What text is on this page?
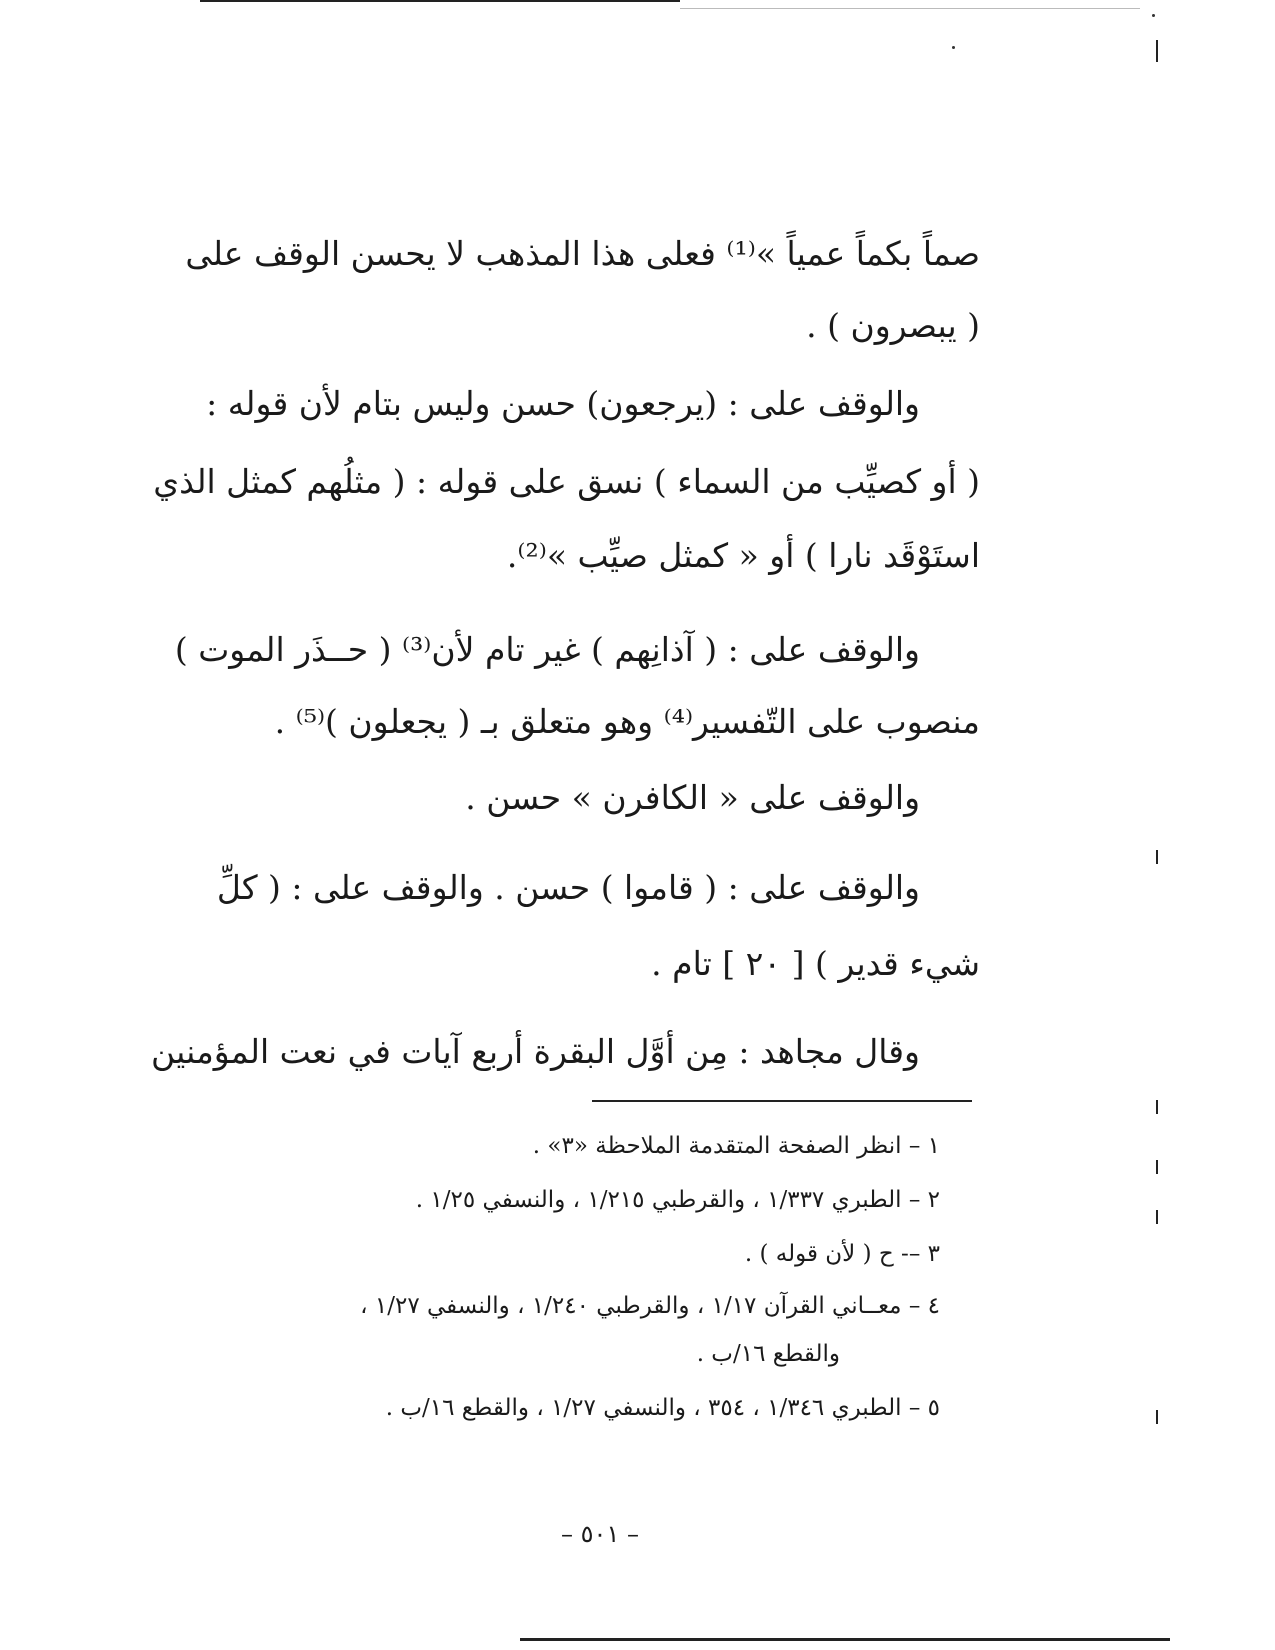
صماً بكماً عمياً »⁽¹⁾ فعلى هذا المذهب لا يحسن الوقف على
( يبصرون ) .
والوقف على : (يرجعون) حسن وليس بتام لأن قوله :
( أو كصيِّب من السماء ) نسق على قوله : ( مثلُهم كمثل الذي
استَوْقَد نارا ) أو « كمثل صيِّب »⁽²⁾.
والوقف على : ( آذانِهم ) غير تام لأن⁽³⁾ ( حــذَر الموت )
منصوب على التّفسير⁽⁴⁾ وهو متعلق بـ ( يجعلون )⁽⁵⁾ .
والوقف على « الكافرن » حسن .
والوقف على : ( قاموا ) حسن . والوقف على : ( كلِّ
شيء قدير ) [ ٢٠ ] تام .
وقال مجاهد : مِن أوَّل البقرة أربع آيات في نعت المؤمنين
١ – انظر الصفحة المتقدمة الملاحظة «٣» .
٢ – الطبري ١/٣٣٧ ، والقرطبي ١/٢١٥ ، والنسفي ١/٢٥ .
٣ –- ح ( لأن قوله ) .
٤ – معــاني القرآن ١/١٧ ، والقرطبي ١/٢٤٠ ، والنسفي ١/٢٧ ،
والقطع ١٦/ب .
٥ – الطبري ١/٣٤٦ ، ٣٥٤ ، والنسفي ١/٢٧ ، والقطع ١٦/ب .
– ٥٠١ –
